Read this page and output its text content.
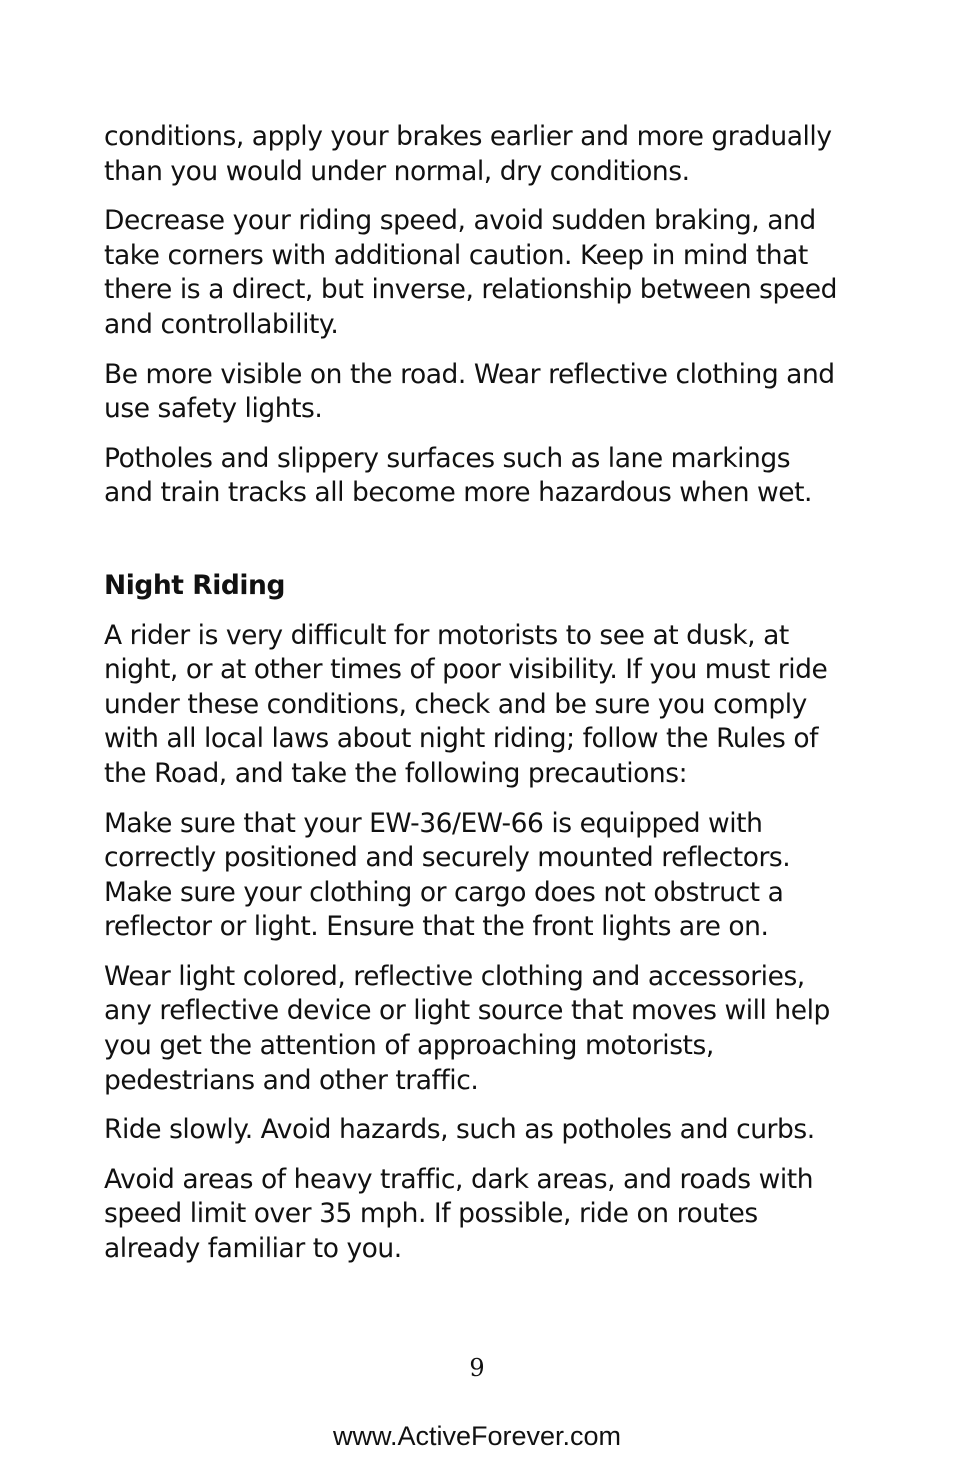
conditions, apply your brakes earlier and more gradually than you would under normal, dry conditions.

Decrease your riding speed, avoid sudden braking, and take corners with additional caution. Keep in mind that there is a direct, but inverse, relationship between speed and controllability.

Be more visible on the road. Wear reflective clothing and use safety lights.

Potholes and slippery surfaces such as lane markings and train tracks all become more hazardous when wet.

Night Riding

A rider is very difficult for motorists to see at dusk, at night, or at other times of poor visibility. If you must ride under these conditions, check and be sure you comply with all local laws about night riding; follow the Rules of the Road, and take the following precautions:

Make sure that your EW-36/EW-66 is equipped with correctly positioned and securely mounted reflectors. Make sure your clothing or cargo does not obstruct a reflector or light. Ensure that the front lights are on.

Wear light colored, reflective clothing and accessories, any reflective device or light source that moves will help you get the attention of approaching motorists, pedestrians and other traffic.

Ride slowly. Avoid hazards, such as potholes and curbs.

Avoid areas of heavy traffic, dark areas, and roads with speed limit over 35 mph. If possible, ride on routes already familiar to you.

9
www.ActiveForever.com
